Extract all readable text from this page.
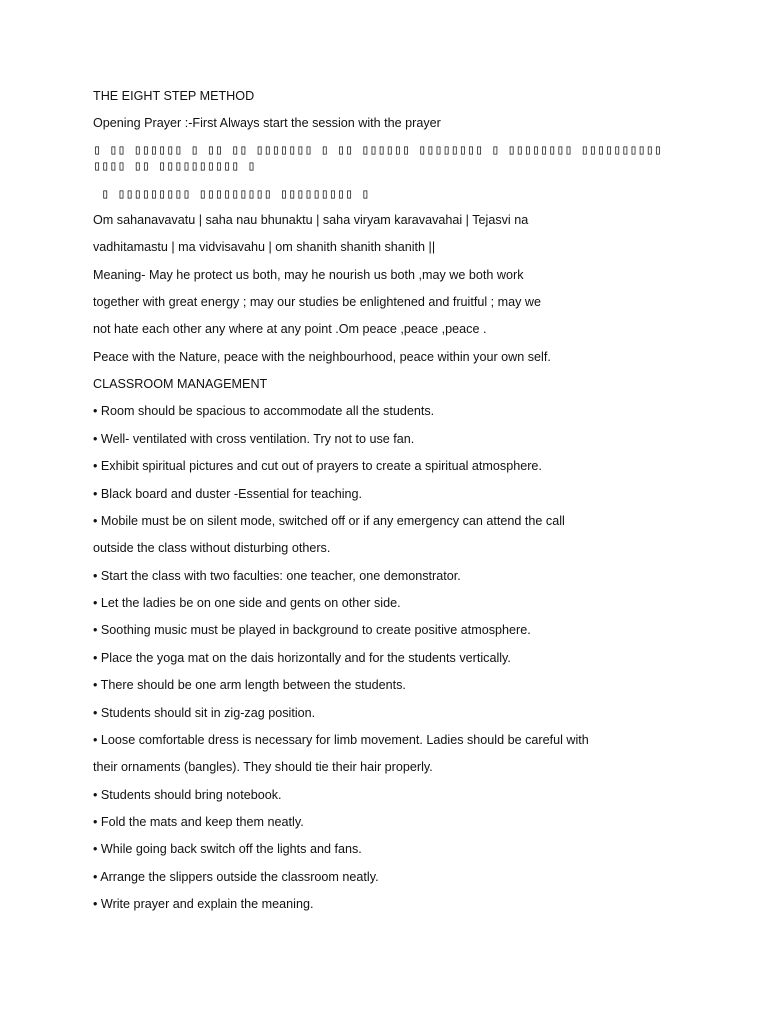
THE EIGHT STEP METHOD
Opening Prayer :-First Always start the session with the prayer
▯ ▯▯ ▯▯▯▯▯▯ ▯ ▯▯ ▯▯ ▯▯▯▯▯▯▯ ▯ ▯▯ ▯▯▯▯▯▯ ▯▯▯▯▯▯▯▯ ▯ ▯▯▯▯▯▯▯▯ ▯▯▯▯▯▯▯▯▯▯▯▯▯▯ ▯▯ ▯▯▯▯▯▯▯▯▯▯ ▯
▯ ▯▯▯▯▯▯▯▯▯ ▯▯▯▯▯▯▯▯▯ ▯▯▯▯▯▯▯▯▯ ▯
Om sahanavavatu | saha nau bhunaktu | saha viryam karavavahai | Tejasvi na
vadhitamastu | ma vidvisavahu | om shanith shanith shanith ||
Meaning- May he protect us both, may he nourish us both ,may we both work
together with great energy ; may our studies be enlightened and fruitful ; may we
not hate each other any where at any point .Om peace ,peace ,peace .
Peace with the Nature, peace with the neighbourhood, peace within your own self.
CLASSROOM MANAGEMENT
• Room should be spacious to accommodate all the students.
• Well- ventilated with cross ventilation. Try not to use fan.
• Exhibit spiritual pictures and cut out of prayers to create a spiritual atmosphere.
• Black board and duster -Essential for teaching.
• Mobile must be on silent mode, switched off or if any emergency can attend the call
outside the class without disturbing others.
• Start the class with two faculties: one teacher, one demonstrator.
• Let the ladies be on one side and gents on other side.
• Soothing music must be played in background to create positive atmosphere.
• Place the yoga mat on the dais horizontally and for the students vertically.
• There should be one arm length between the students.
• Students should sit in zig-zag position.
• Loose comfortable dress is necessary for limb movement. Ladies should be careful with
their ornaments (bangles). They should tie their hair properly.
• Students should bring notebook.
• Fold the mats and keep them neatly.
• While going back switch off the lights and fans.
• Arrange the slippers outside the classroom neatly.
• Write prayer and explain the meaning.
